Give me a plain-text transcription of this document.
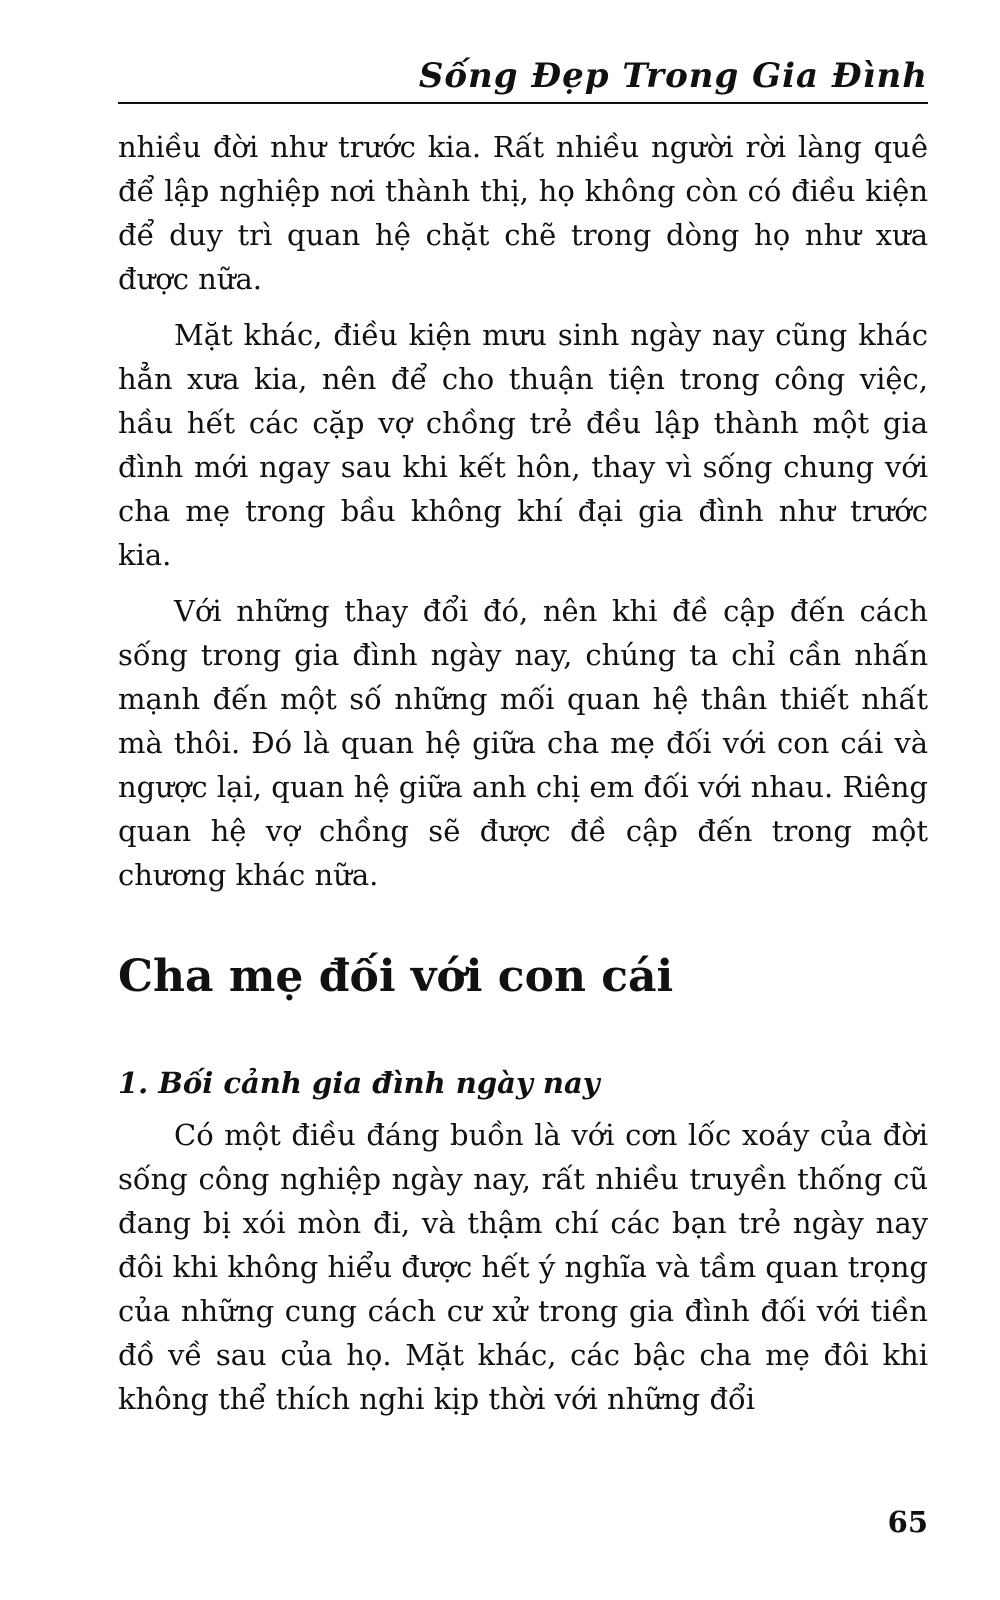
Sống Đẹp Trong Gia Đình

nhiều đời như trước kia. Rất nhiều người rời làng quê để lập nghiệp nơi thành thị, họ không còn có điều kiện để duy trì quan hệ chặt chẽ trong dòng họ như xưa được nữa.

Mặt khác, điều kiện mưu sinh ngày nay cũng khác hẳn xưa kia, nên để cho thuận tiện trong công việc, hầu hết các cặp vợ chồng trẻ đều lập thành một gia đình mới ngay sau khi kết hôn, thay vì sống chung với cha mẹ trong bầu không khí đại gia đình như trước kia.

Với những thay đổi đó, nên khi đề cập đến cách sống trong gia đình ngày nay, chúng ta chỉ cần nhấn mạnh đến một số những mối quan hệ thân thiết nhất mà thôi. Đó là quan hệ giữa cha mẹ đối với con cái và ngược lại, quan hệ giữa anh chị em đối với nhau. Riêng quan hệ vợ chồng sẽ được đề cập đến trong một chương khác nữa.

Cha mẹ đối với con cái
1. Bối cảnh gia đình ngày nay

Có một điều đáng buồn là với cơn lốc xoáy của đời sống công nghiệp ngày nay, rất nhiều truyền thống cũ đang bị xói mòn đi, và thậm chí các bạn trẻ ngày nay đôi khi không hiểu được hết ý nghĩa và tầm quan trọng của những cung cách cư xử trong gia đình đối với tiền đồ về sau của họ. Mặt khác, các bậc cha mẹ đôi khi không thể thích nghi kịp thời với những đổi

65
